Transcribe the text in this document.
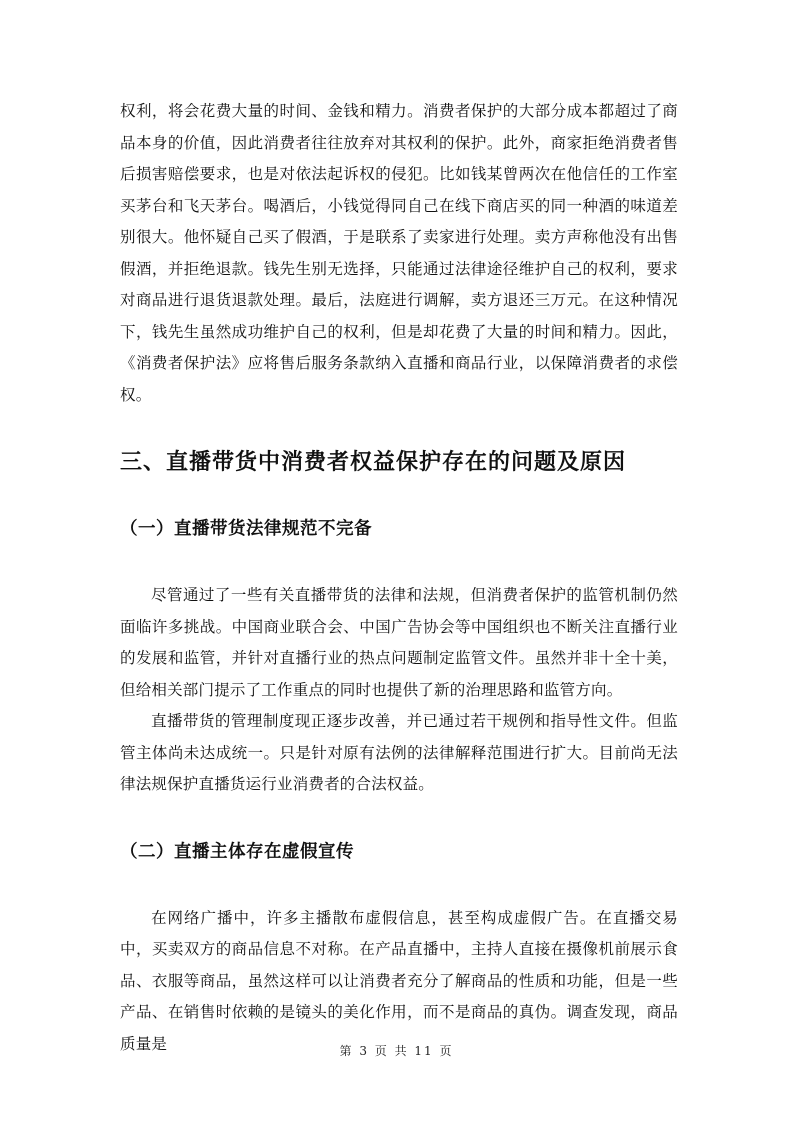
权利，将会花费大量的时间、金钱和精力。消费者保护的大部分成本都超过了商品本身的价值，因此消费者往往放弃对其权利的保护。此外，商家拒绝消费者售后损害赔偿要求，也是对依法起诉权的侵犯。比如钱某曾两次在他信任的工作室买茅台和飞天茅台。喝酒后，小钱觉得同自己在线下商店买的同一种酒的味道差别很大。他怀疑自己买了假酒，于是联系了卖家进行处理。卖方声称他没有出售假酒，并拒绝退款。钱先生别无选择，只能通过法律途径维护自己的权利，要求对商品进行退货退款处理。最后，法庭进行调解，卖方退还三万元。在这种情况下，钱先生虽然成功维护自己的权利，但是却花费了大量的时间和精力。因此，《消费者保护法》应将售后服务条款纳入直播和商品行业，以保障消费者的求偿权。

三、直播带货中消费者权益保护存在的问题及原因
（一）直播带货法律规范不完备

尽管通过了一些有关直播带货的法律和法规，但消费者保护的监管机制仍然面临许多挑战。中国商业联合会、中国广告协会等中国组织也不断关注直播行业的发展和监管，并针对直播行业的热点问题制定监管文件。虽然并非十全十美，但给相关部门提示了工作重点的同时也提供了新的治理思路和监管方向。

直播带货的管理制度现正逐步改善，并已通过若干规例和指导性文件。但监管主体尚未达成统一。只是针对原有法例的法律解释范围进行扩大。目前尚无法律法规保护直播货运行业消费者的合法权益。

（二）直播主体存在虚假宣传

在网络广播中，许多主播散布虚假信息，甚至构成虚假广告。在直播交易中，买卖双方的商品信息不对称。在产品直播中，主持人直接在摄像机前展示食品、衣服等商品，虽然这样可以让消费者充分了解商品的性质和功能，但是一些产品、在销售时依赖的是镜头的美化作用，而不是商品的真伪。调查发现，商品质量是	第 3 页 共 11 页
